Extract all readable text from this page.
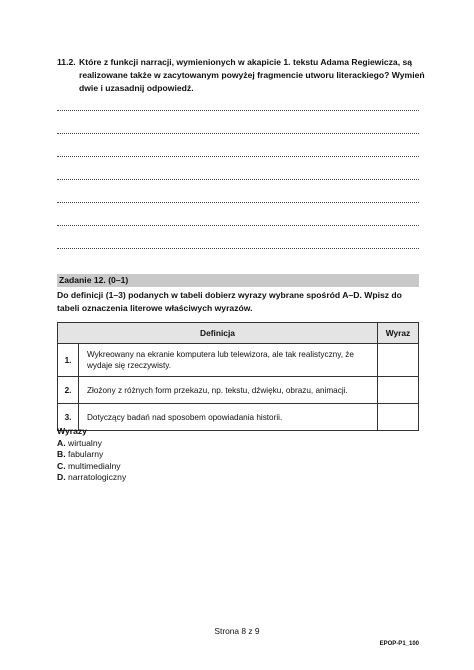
11.2. Które z funkcji narracji, wymienionych w akapicie 1. tekstu Adama Regiewicza, są realizowane także w zacytowanym powyżej fragmencie utworu literackiego? Wymień dwie i uzasadnij odpowiedź.
Zadanie 12. (0–1)
Do definicji (1–3) podanych w tabeli dobierz wyrazy wybrane spośród A–D. Wpisz do tabeli oznaczenia literowe właściwych wyrazów.
Definicja		Wyraz
1.	Wykreowany na ekranie komputera lub telewizora, ale tak realistyczny, że wydaje się rzeczywisty.	
2.	Złożony z różnych form przekazu, np. tekstu, dźwięku, obrazu, animacji.	
3.	Dotyczący badań nad sposobem opowiadania historii.	
Wyrazy
A. wirtualny
B. fabularny
C. multimedialny
D. narratologiczny
Strona 8 z 9
EPOP-P1_100
